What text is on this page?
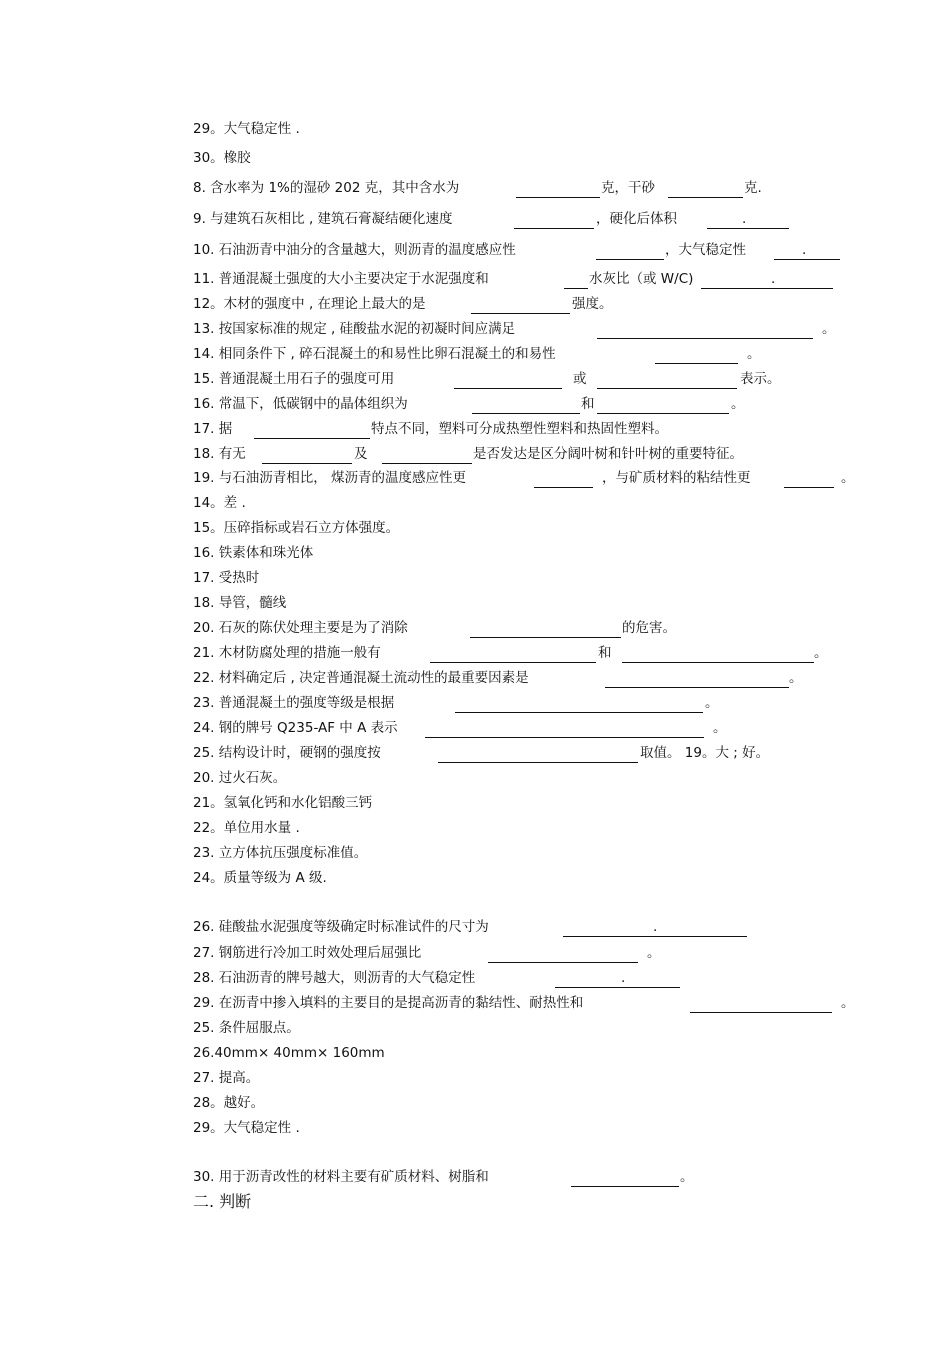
29。大气稳定性 .
30。橡胶
8. 含水率为 1%的湿砂 202 克，其中含水为	克，干砂	克.
9. 与建筑石灰相比 , 建筑石膏凝结硬化速度	，硬化后体积	.
10. 石油沥青中油分的含量越大，则沥青的温度感应性	，大气稳定性	.
11. 普通混凝土强度的大小主要决定于水泥强度和	水灰比（或 W/C)	.
12。木材的强度中 , 在理论上最大的是	强度。
13. 按国家标准的规定 , 硅酸盐水泥的初凝时间应满足	。
14. 相同条件下 , 碎石混凝土的和易性比卵石混凝土的和易性	。
15. 普通混凝土用石子的强度可用	或	表示。
16. 常温下，低碳钢中的晶体组织为	和	。
17. 据	特点不同，塑料可分成热塑性塑料和热固性塑料。
18. 有无	及	是否发达是区分阔叶树和针叶树的重要特征。
19. 与石油沥青相比， 煤沥青的温度感应性更	，与矿质材料的粘结性更	。
14。差 .
15。压碎指标或岩石立方体强度。
16. 铁素体和珠光体
17. 受热时
18. 导管，髓线
20. 石灰的陈伏处理主要是为了消除	的危害。
21. 木材防腐处理的措施一般有	和	。
22. 材料确定后 , 决定普通混凝土流动性的最重要因素是	。
23. 普通混凝土的强度等级是根据	。
24. 钢的牌号 Q235-AF 中 A 表示	。
25. 结构设计时，硬钢的强度按	取值。 19。大 ; 好。
20. 过火石灰。
21。氢氧化钙和水化铝酸三钙
22。单位用水量 .
23. 立方体抗压强度标准值。
24。质量等级为 A 级.
26. 硅酸盐水泥强度等级确定时标准试件的尺寸为	.
27. 钢筋进行冷加工时效处理后屈强比	。
28. 石油沥青的牌号越大，则沥青的大气稳定性	.
29. 在沥青中掺入填料的主要目的是提高沥青的黏结性、耐热性和	。
25. 条件屈服点。
26.40mm× 40mm× 160mm
27. 提高。
28。越好。
29。大气稳定性 .
30. 用于沥青改性的材料主要有矿质材料、树脂和	。
二. 判断
